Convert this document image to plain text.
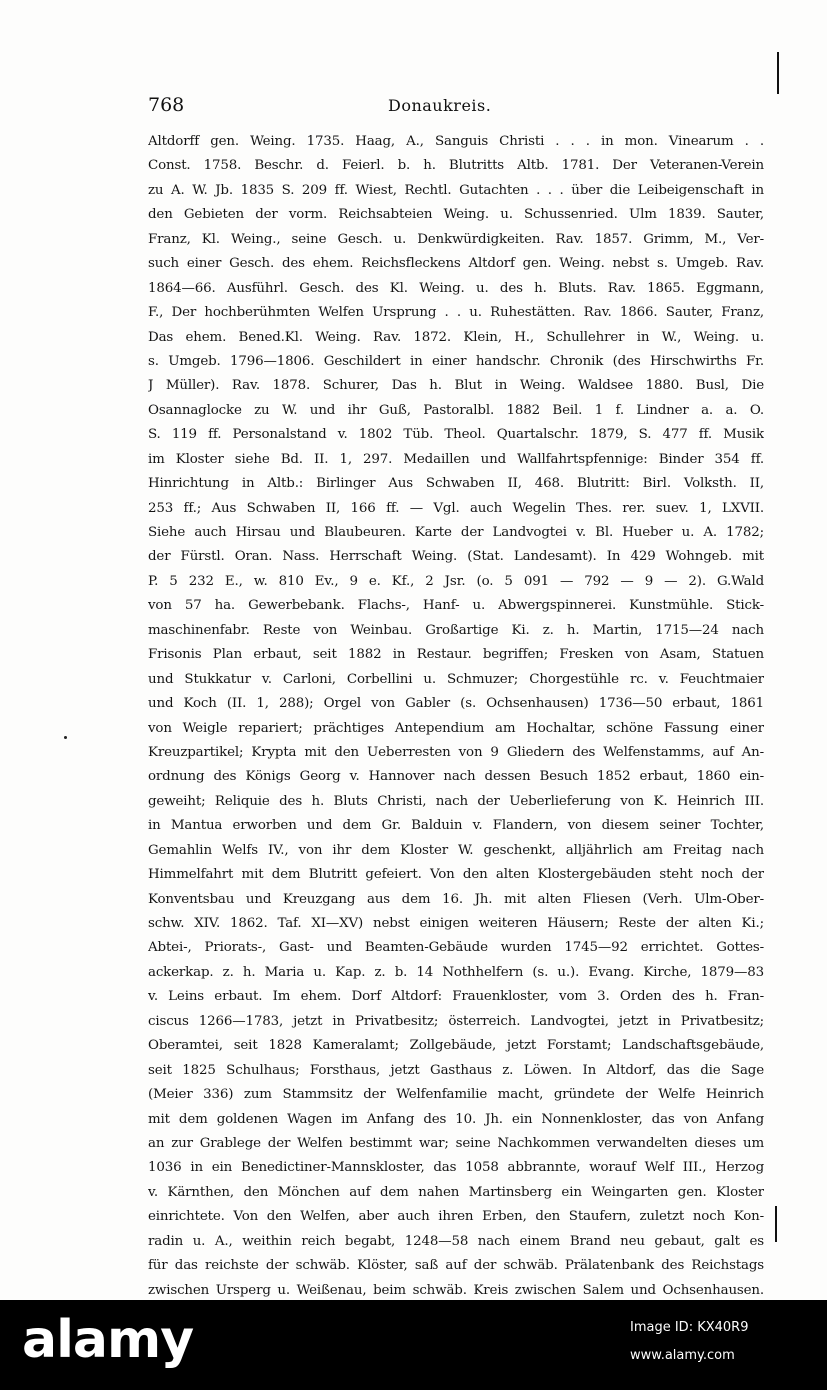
768	Donaukreis.
Altdorff gen. Weing. 1735. Haag, A., Sanguis Christi . . . in mon. Vinearum . .
Const. 1758. Beschr. d. Feierl. b. h. Blutritts Altb. 1781. Der Veteranen-Verein
zu A. W. Jb. 1835 S. 209 ff. Wiest, Rechtl. Gutachten . . . über die Leibeigenschaft in
den Gebieten der vorm. Reichsabteien Weing. u. Schussenried. Ulm 1839. Sauter,
Franz, Kl. Weing., seine Gesch. u. Denkwürdigkeiten. Rav. 1857. Grimm, M., Ver-
such einer Gesch. des ehem. Reichsfleckens Altdorf gen. Weing. nebst s. Umgeb. Rav.
1864—66. Ausführl. Gesch. des Kl. Weing. u. des h. Bluts. Rav. 1865. Eggmann,
F., Der hochberühmten Welfen Ursprung . . u. Ruhestätten. Rav. 1866. Sauter, Franz,
Das ehem. Bened.Kl. Weing. Rav. 1872. Klein, H., Schullehrer in W., Weing. u.
s. Umgeb. 1796—1806. Geschildert in einer handschr. Chronik (des Hirschwirths Fr.
J Müller). Rav. 1878. Schurer, Das h. Blut in Weing. Waldsee 1880. Busl, Die
Osannaglocke zu W. und ihr Guß, Pastoralbl. 1882 Beil. 1 f. Lindner a. a. O.
S. 119 ff. Personalstand v. 1802 Tüb. Theol. Quartalschr. 1879, S. 477 ff. Musik
im Kloster siehe Bd. II. 1, 297. Medaillen und Wallfahrtspfennige: Binder 354 ff.
Hinrichtung in Altb.: Birlinger Aus Schwaben II, 468. Blutritt: Birl. Volksth. II,
253 ff.; Aus Schwaben II, 166 ff. — Vgl. auch Wegelin Thes. rer. suev. 1, LXVII.
Siehe auch Hirsau und Blaubeuren. Karte der Landvogtei v. Bl. Hueber u. A. 1782;
der Fürstl. Oran. Nass. Herrschaft Weing. (Stat. Landesamt). In 429 Wohngeb. mit
P. 5 232 E., w. 810 Ev., 9 e. Kf., 2 Jsr. (o. 5 091 — 792 — 9 — 2). G.Wald
von 57 ha. Gewerbebank. Flachs-, Hanf- u. Abwergspinnerei. Kunstmühle. Stick-
maschinenfabr. Reste von Weinbau. Großartige Ki. z. h. Martin, 1715—24 nach
Frisonis Plan erbaut, seit 1882 in Restaur. begriffen; Fresken von Asam, Statuen
und Stukkatur v. Carloni, Corbellini u. Schmuzer; Chorgestühle rc. v. Feuchtmaier
und Koch (II. 1, 288); Orgel von Gabler (s. Ochsenhausen) 1736—50 erbaut, 1861
von Weigle repariert; prächtiges Antependium am Hochaltar, schöne Fassung einer
Kreuzpartikel; Krypta mit den Ueberresten von 9 Gliedern des Welfenstamms, auf An-
ordnung des Königs Georg v. Hannover nach dessen Besuch 1852 erbaut, 1860 ein-
geweiht; Reliquie des h. Bluts Christi, nach der Ueberlieferung von K. Heinrich III.
in Mantua erworben und dem Gr. Balduin v. Flandern, von diesem seiner Tochter,
Gemahlin Welfs IV., von ihr dem Kloster W. geschenkt, alljährlich am Freitag nach
Himmelfahrt mit dem Blutritt gefeiert. Von den alten Klostergebäuden steht noch der
Konventsbau und Kreuzgang aus dem 16. Jh. mit alten Fliesen (Verh. Ulm-Ober-
schw. XIV. 1862. Taf. XI—XV) nebst einigen weiteren Häusern; Reste der alten Ki.;
Abtei-, Priorats-, Gast- und Beamten-Gebäude wurden 1745—92 errichtet. Gottes-
ackerkap. z. h. Maria u. Kap. z. b. 14 Nothhelfern (s. u.). Evang. Kirche, 1879—83
v. Leins erbaut. Im ehem. Dorf Altdorf: Frauenkloster, vom 3. Orden des h. Fran-
ciscus 1266—1783, jetzt in Privatbesitz; österreich. Landvogtei, jetzt in Privatbesitz;
Oberamtei, seit 1828 Kameralamt; Zollgebäude, jetzt Forstamt; Landschaftsgebäude,
seit 1825 Schulhaus; Forsthaus, jetzt Gasthaus z. Löwen. In Altdorf, das die Sage
(Meier 336) zum Stammsitz der Welfenfamilie macht, gründete der Welfe Heinrich
mit dem goldenen Wagen im Anfang des 10. Jh. ein Nonnenkloster, das von Anfang
an zur Grablege der Welfen bestimmt war; seine Nachkommen verwandelten dieses um
1036 in ein Benedictiner-Mannskloster, das 1058 abbrannte, worauf Welf III., Herzog
v. Kärnthen, den Mönchen auf dem nahen Martinsberg ein Weingarten gen. Kloster
einrichtete. Von den Welfen, aber auch ihren Erben, den Staufern, zuletzt noch Kon-
radin u. A., weithin reich begabt, 1248—58 nach einem Brand neu gebaut, galt es
für das reichste der schwäb. Klöster, saß auf der schwäb. Prälatenbank des Reichstags
zwischen Ursperg u. Weißenau, beim schwäb. Kreis zwischen Salem und Ochsenhausen.
alamy	Image ID: KX40R9
www.alamy.com
